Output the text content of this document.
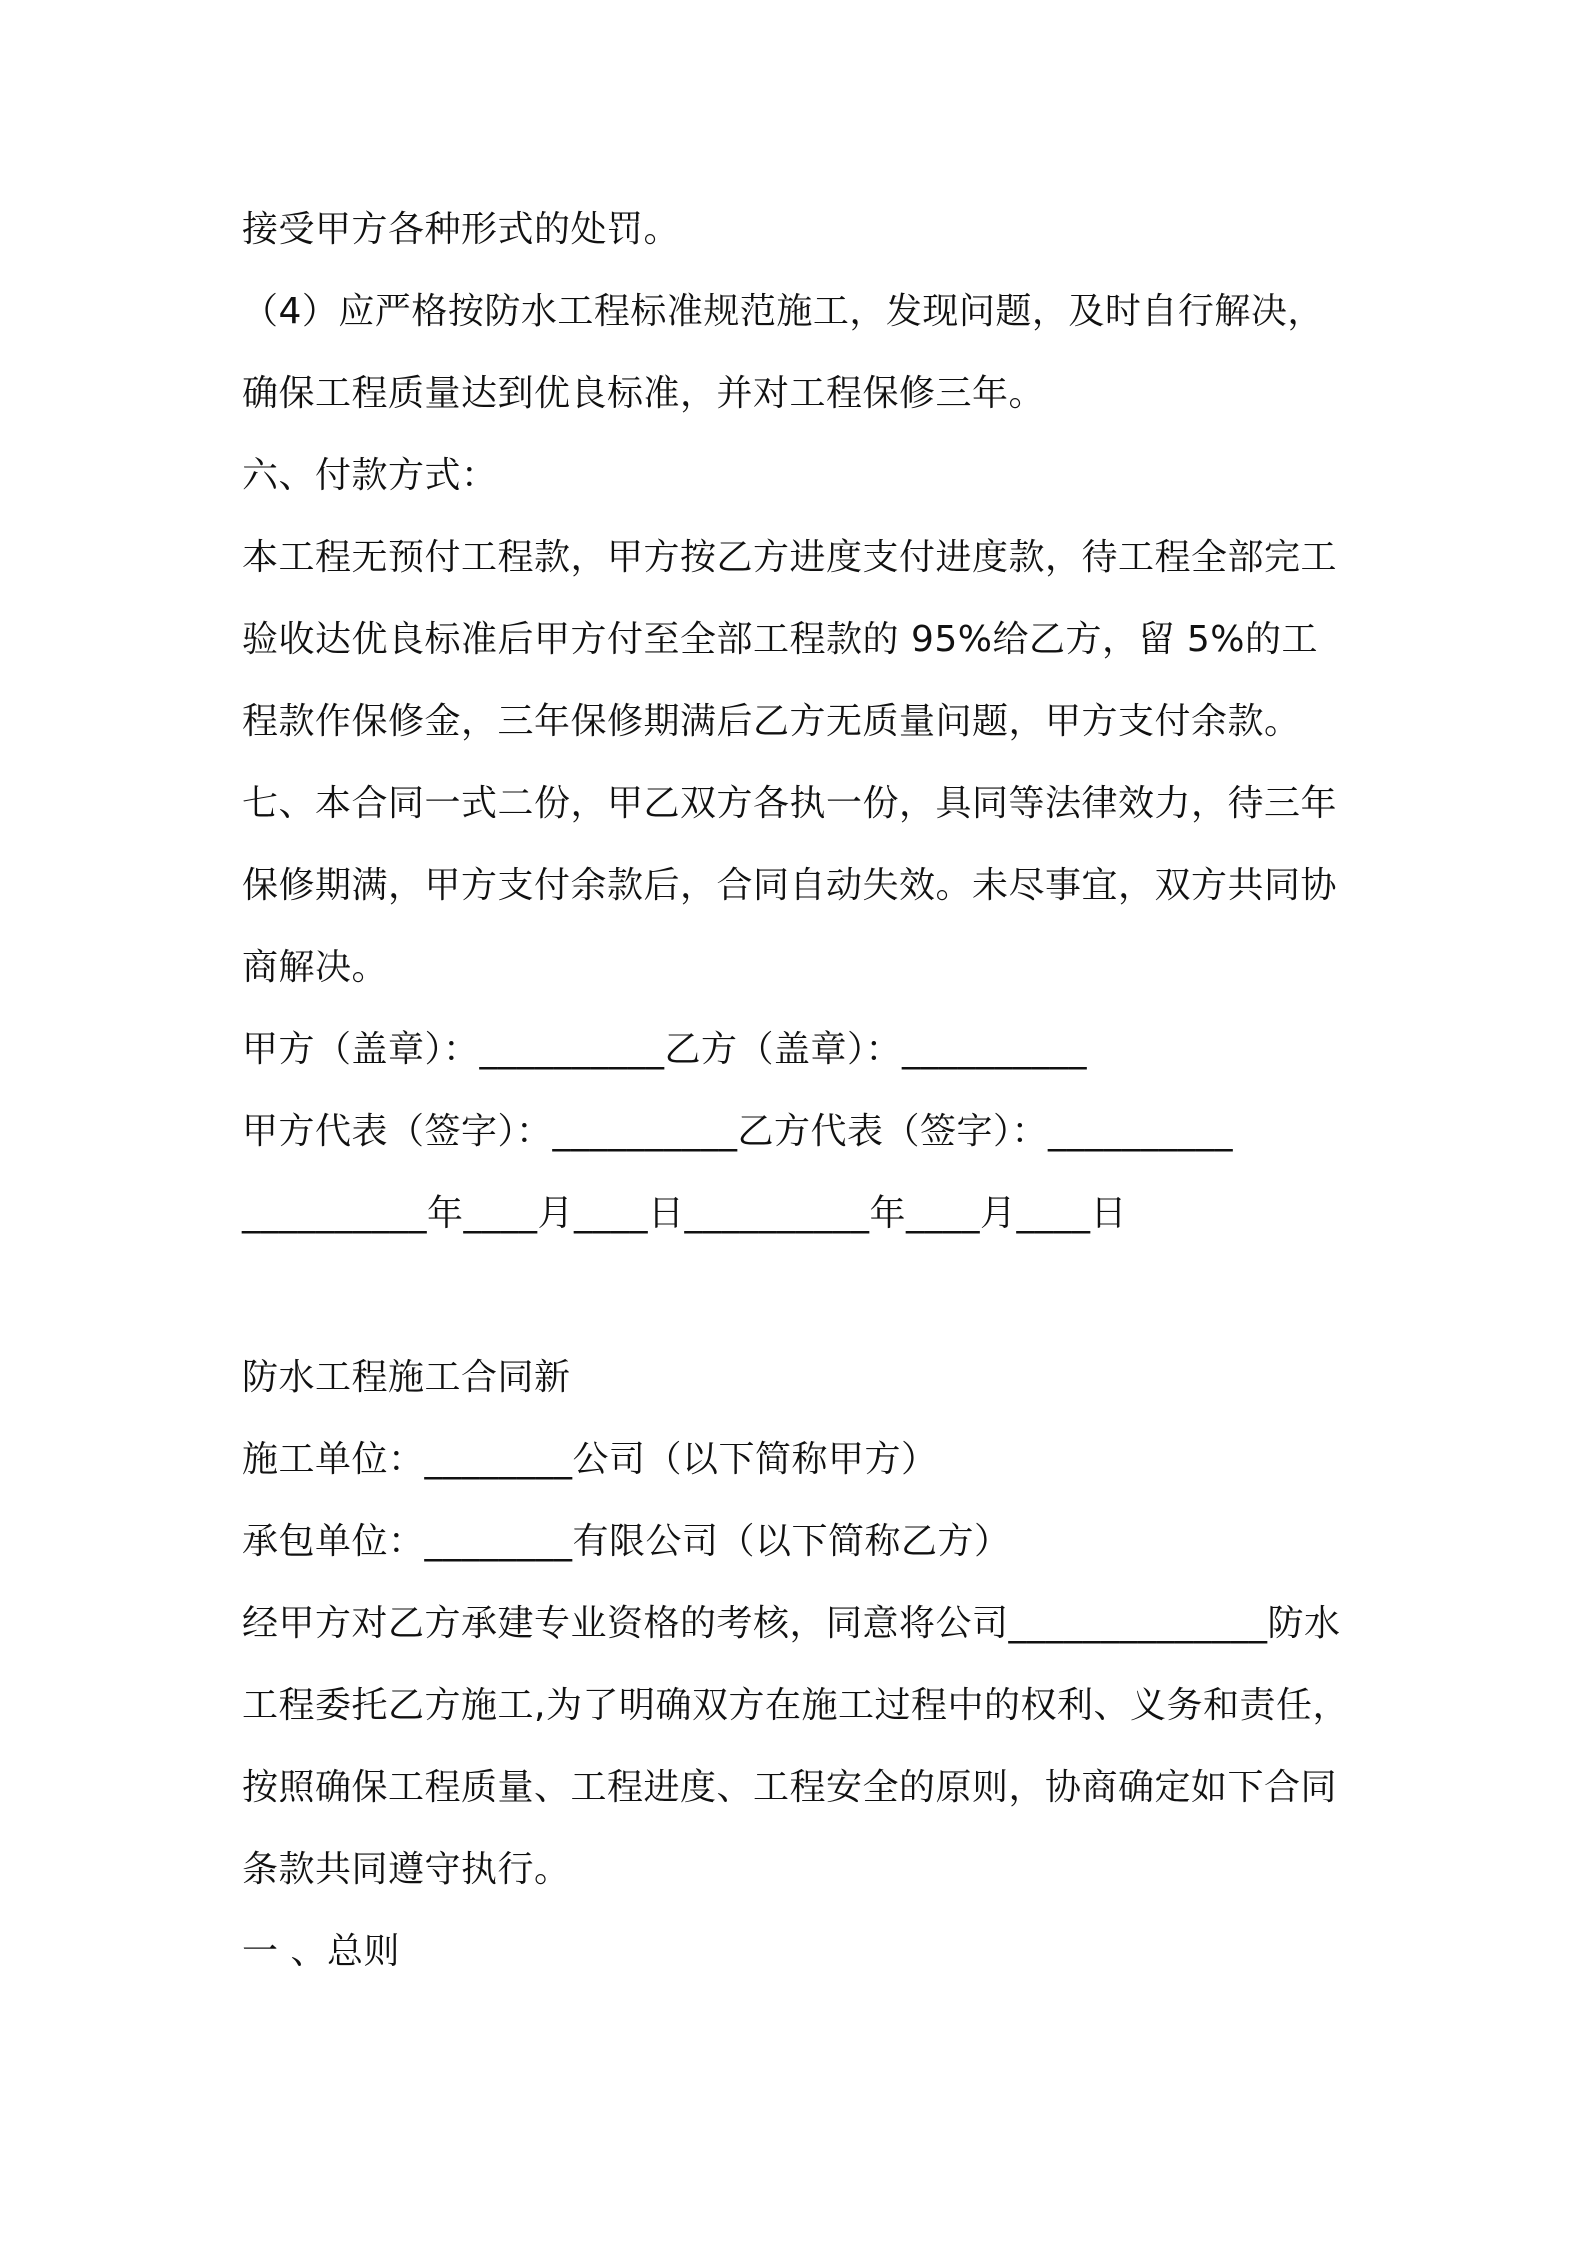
接受甲方各种形式的处罚。
（4）应严格按防水工程标准规范施工，发现问题，及时自行解决，
确保工程质量达到优良标准，并对工程保修三年。
六、付款方式：
本工程无预付工程款，甲方按乙方进度支付进度款，待工程全部完工
验收达优良标准后甲方付至全部工程款的 95%给乙方，留 5%的工
程款作保修金，三年保修期满后乙方无质量问题，甲方支付余款。
七、本合同一式二份，甲乙双方各执一份，具同等法律效力，待三年
保修期满，甲方支付余款后，合同自动失效。未尽事宜，双方共同协
商解决。
甲方（盖章）：__________乙方（盖章）：__________
甲方代表（签字）：__________乙方代表（签字）：__________
__________年____月____日__________年____月____日
防水工程施工合同新
施工单位：________公司（以下简称甲方）
承包单位：________有限公司（以下简称乙方）
经甲方对乙方承建专业资格的考核，同意将公司______________防水
工程委托乙方施工,为了明确双方在施工过程中的权利、义务和责任，
按照确保工程质量、工程进度、工程安全的原则，协商确定如下合同
条款共同遵守执行。
一 、总则
